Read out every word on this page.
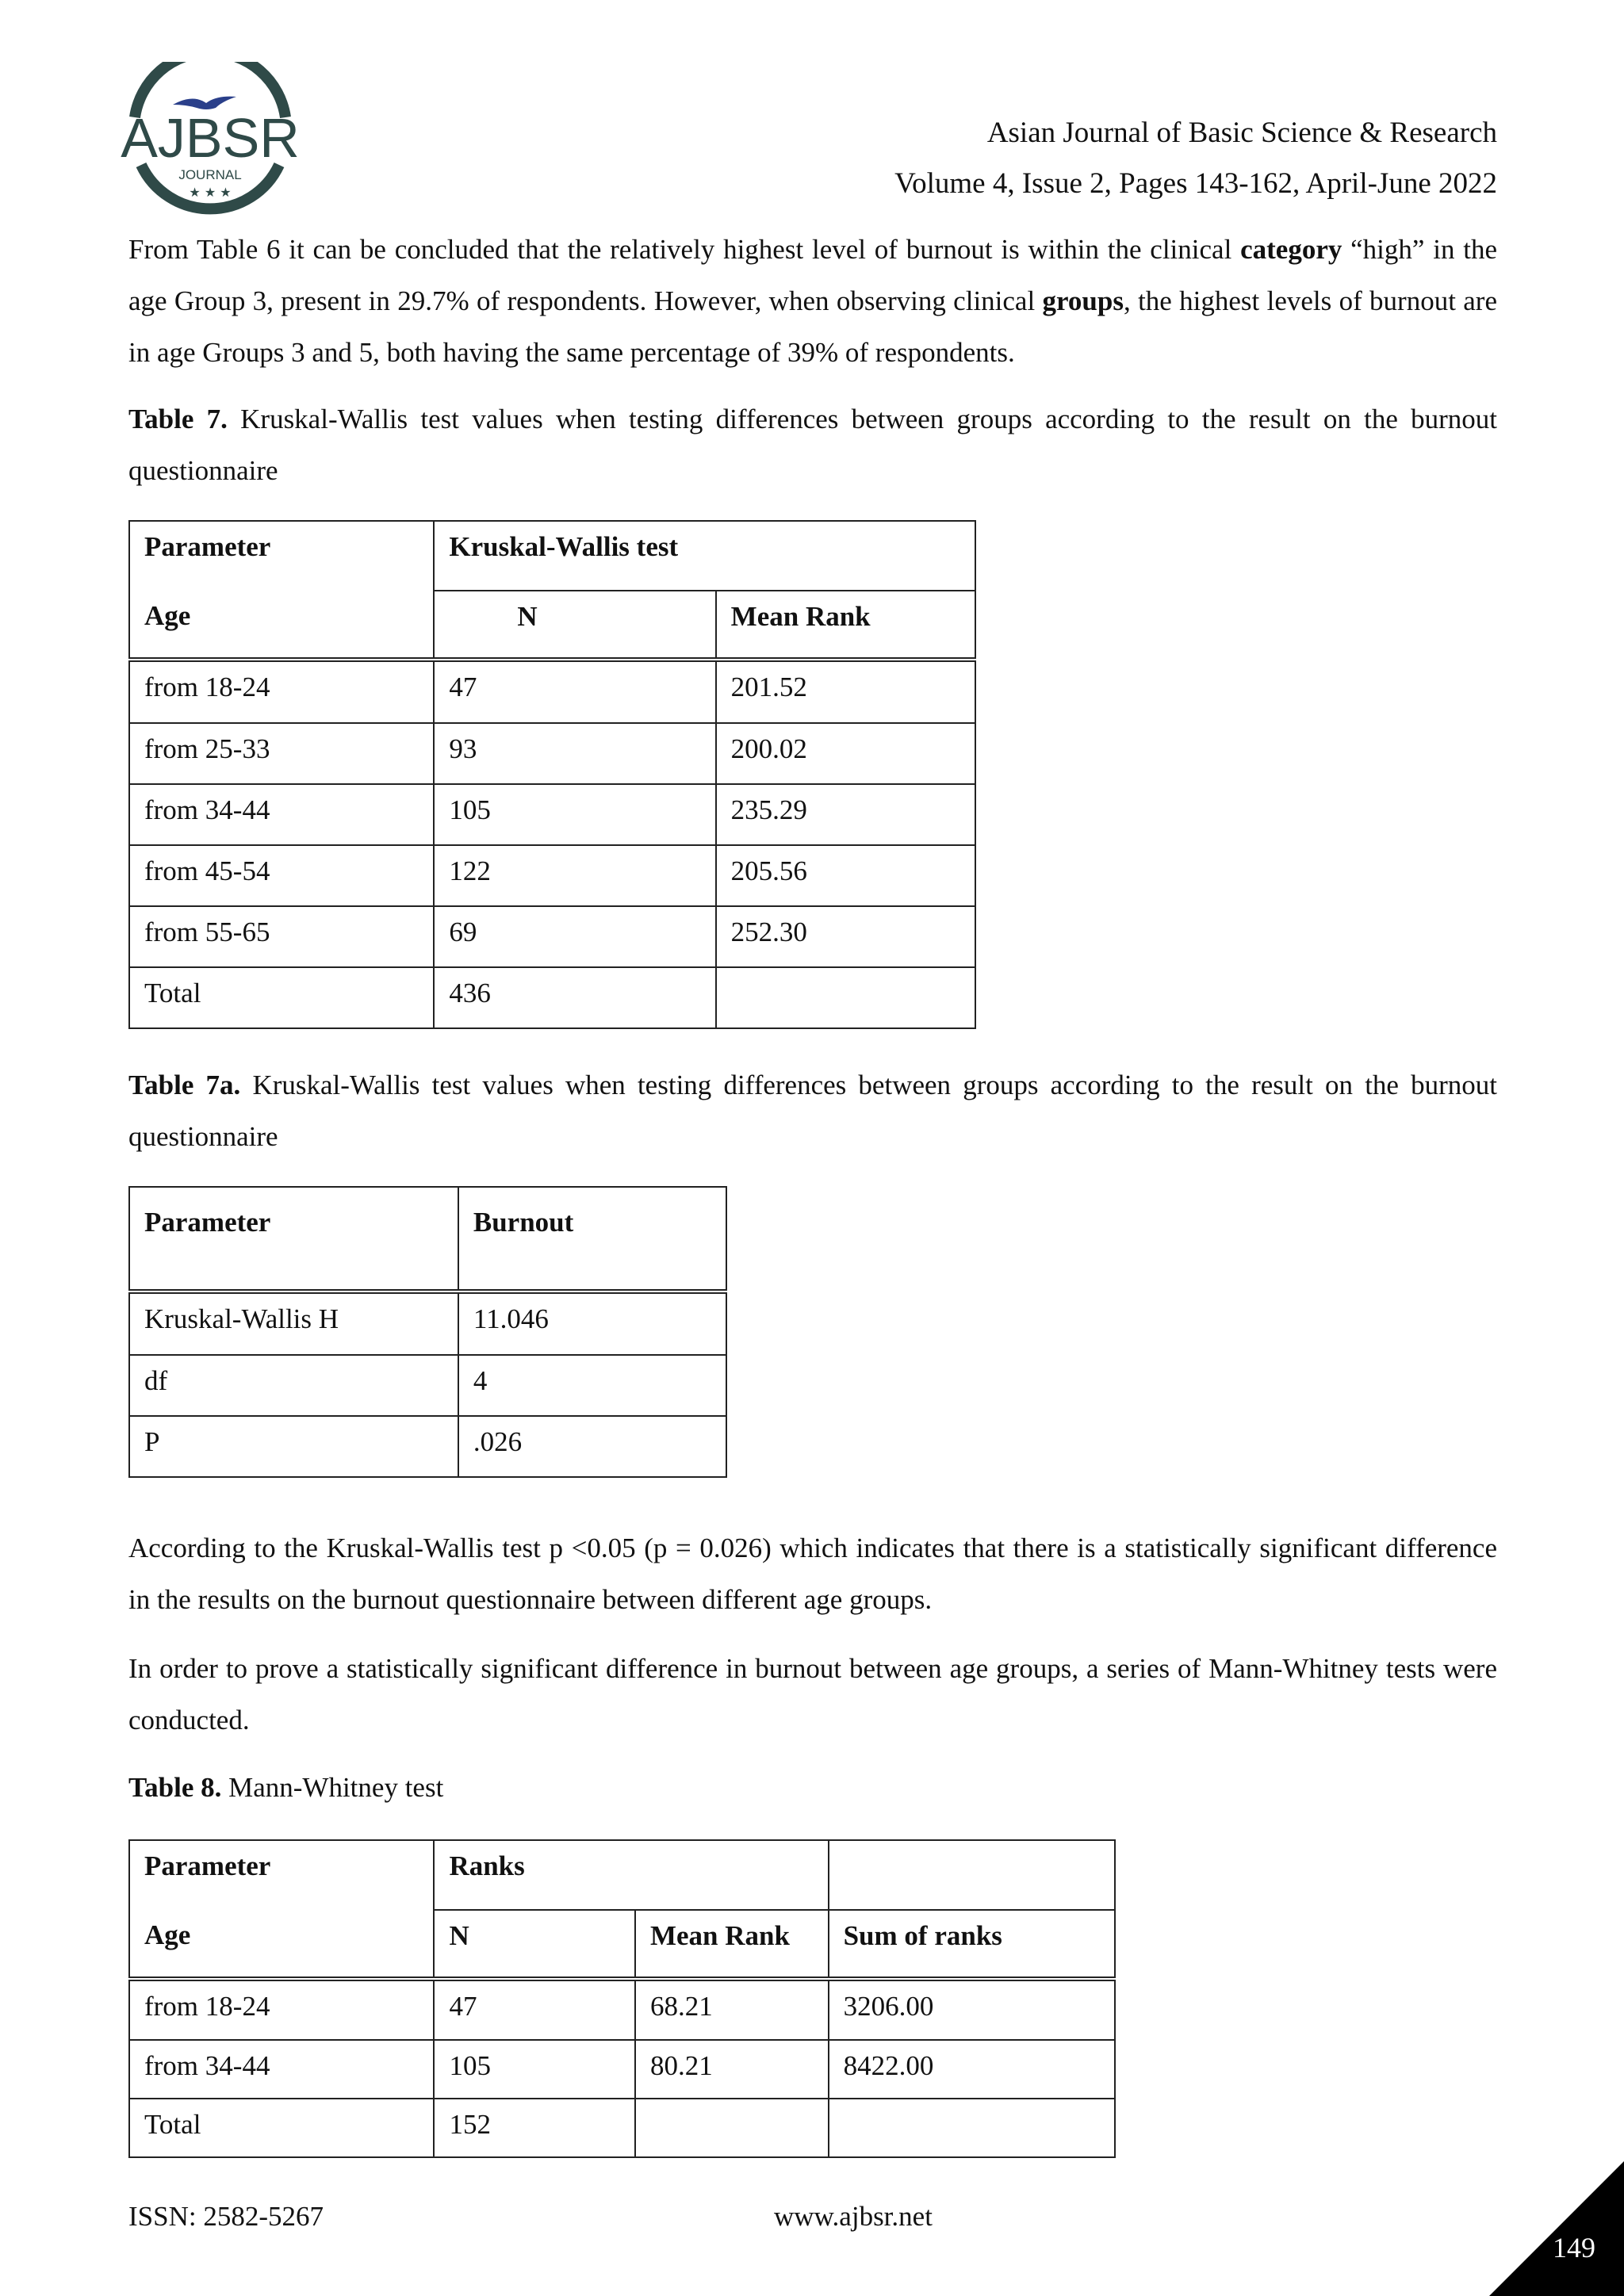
AJBSR
JOURNAL
★ ★ ★
Asian Journal of Basic Science & Research
Volume 4, Issue 2, Pages 143-162, April-June 2022
From Table 6 it can be concluded that the relatively highest level of burnout is within the clinical category “high” in the age Group 3, present in 29.7% of respondents. However, when observing clinical groups, the highest levels of burnout are in age Groups 3 and 5, both having the same percentage of 39% of respondents.
Table 7. Kruskal-Wallis test values when testing differences between groups according to the result on the burnout questionnaire
Parameter	Kruskal-Wallis test	
Age	N	Mean Rank
from 18-24	47	201.52
from 25-33	93	200.02
from 34-44	105	235.29
from 45-54	122	205.56
from 55-65	69	252.30
Total	436	
Table 7a. Kruskal-Wallis test values when testing differences between groups according to the result on the burnout questionnaire
Parameter	Burnout
Kruskal-Wallis H	11.046
df	4
P	.026
According to the Kruskal-Wallis test p <0.05 (p = 0.026) which indicates that there is a statistically significant difference in the results on the burnout questionnaire between different age groups.
In order to prove a statistically significant difference in burnout between age groups, a series of Mann-Whitney tests were conducted.
Table 8. Mann-Whitney test
Parameter	Ranks		
Age	N	Mean Rank	Sum of ranks
from 18-24	47	68.21	3206.00
from 34-44	105	80.21	8422.00
Total	152		
ISSN: 2582-5267	www.ajbsr.net
149
